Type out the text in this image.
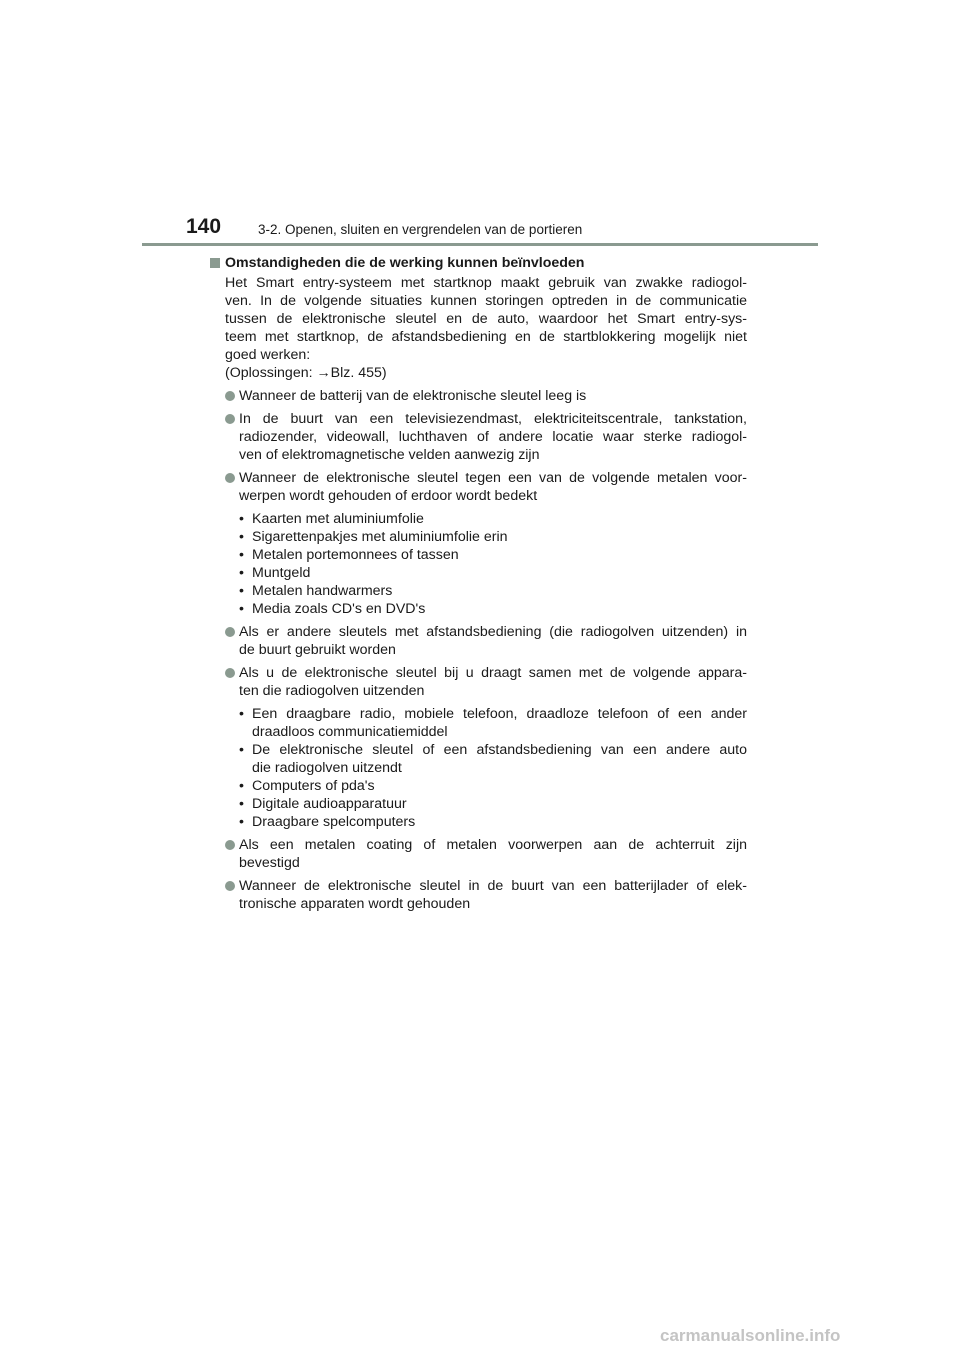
140	3-2. Openen, sluiten en vergrendelen van de portieren
Omstandigheden die de werking kunnen beïnvloeden
Het Smart entry-systeem met startknop maakt gebruik van zwakke radiogol-
ven. In de volgende situaties kunnen storingen optreden in de communicatie
tussen de elektronische sleutel en de auto, waardoor het Smart entry-sys-
teem met startknop, de afstandsbediening en de startblokkering mogelijk niet
goed werken:
(Oplossingen: →Blz. 455)
Wanneer de batterij van de elektronische sleutel leeg is
In de buurt van een televisiezendmast, elektriciteitscentrale, tankstation,
radiozender, videowall, luchthaven of andere locatie waar sterke radiogol-
ven of elektromagnetische velden aanwezig zijn
Wanneer de elektronische sleutel tegen een van de volgende metalen voor-
werpen wordt gehouden of erdoor wordt bedekt
• Kaarten met aluminiumfolie
• Sigarettenpakjes met aluminiumfolie erin
• Metalen portemonnees of tassen
• Muntgeld
• Metalen handwarmers
• Media zoals CD's en DVD's
Als er andere sleutels met afstandsbediening (die radiogolven uitzenden) in
de buurt gebruikt worden
Als u de elektronische sleutel bij u draagt samen met de volgende appara-
ten die radiogolven uitzenden
• Een draagbare radio, mobiele telefoon, draadloze telefoon of een ander
draadloos communicatiemiddel
• De elektronische sleutel of een afstandsbediening van een andere auto
die radiogolven uitzendt
• Computers of pda's
• Digitale audioapparatuur
• Draagbare spelcomputers
Als een metalen coating of metalen voorwerpen aan de achterruit zijn
bevestigd
Wanneer de elektronische sleutel in de buurt van een batterijlader of elek-
tronische apparaten wordt gehouden
carmanualsonline.info
